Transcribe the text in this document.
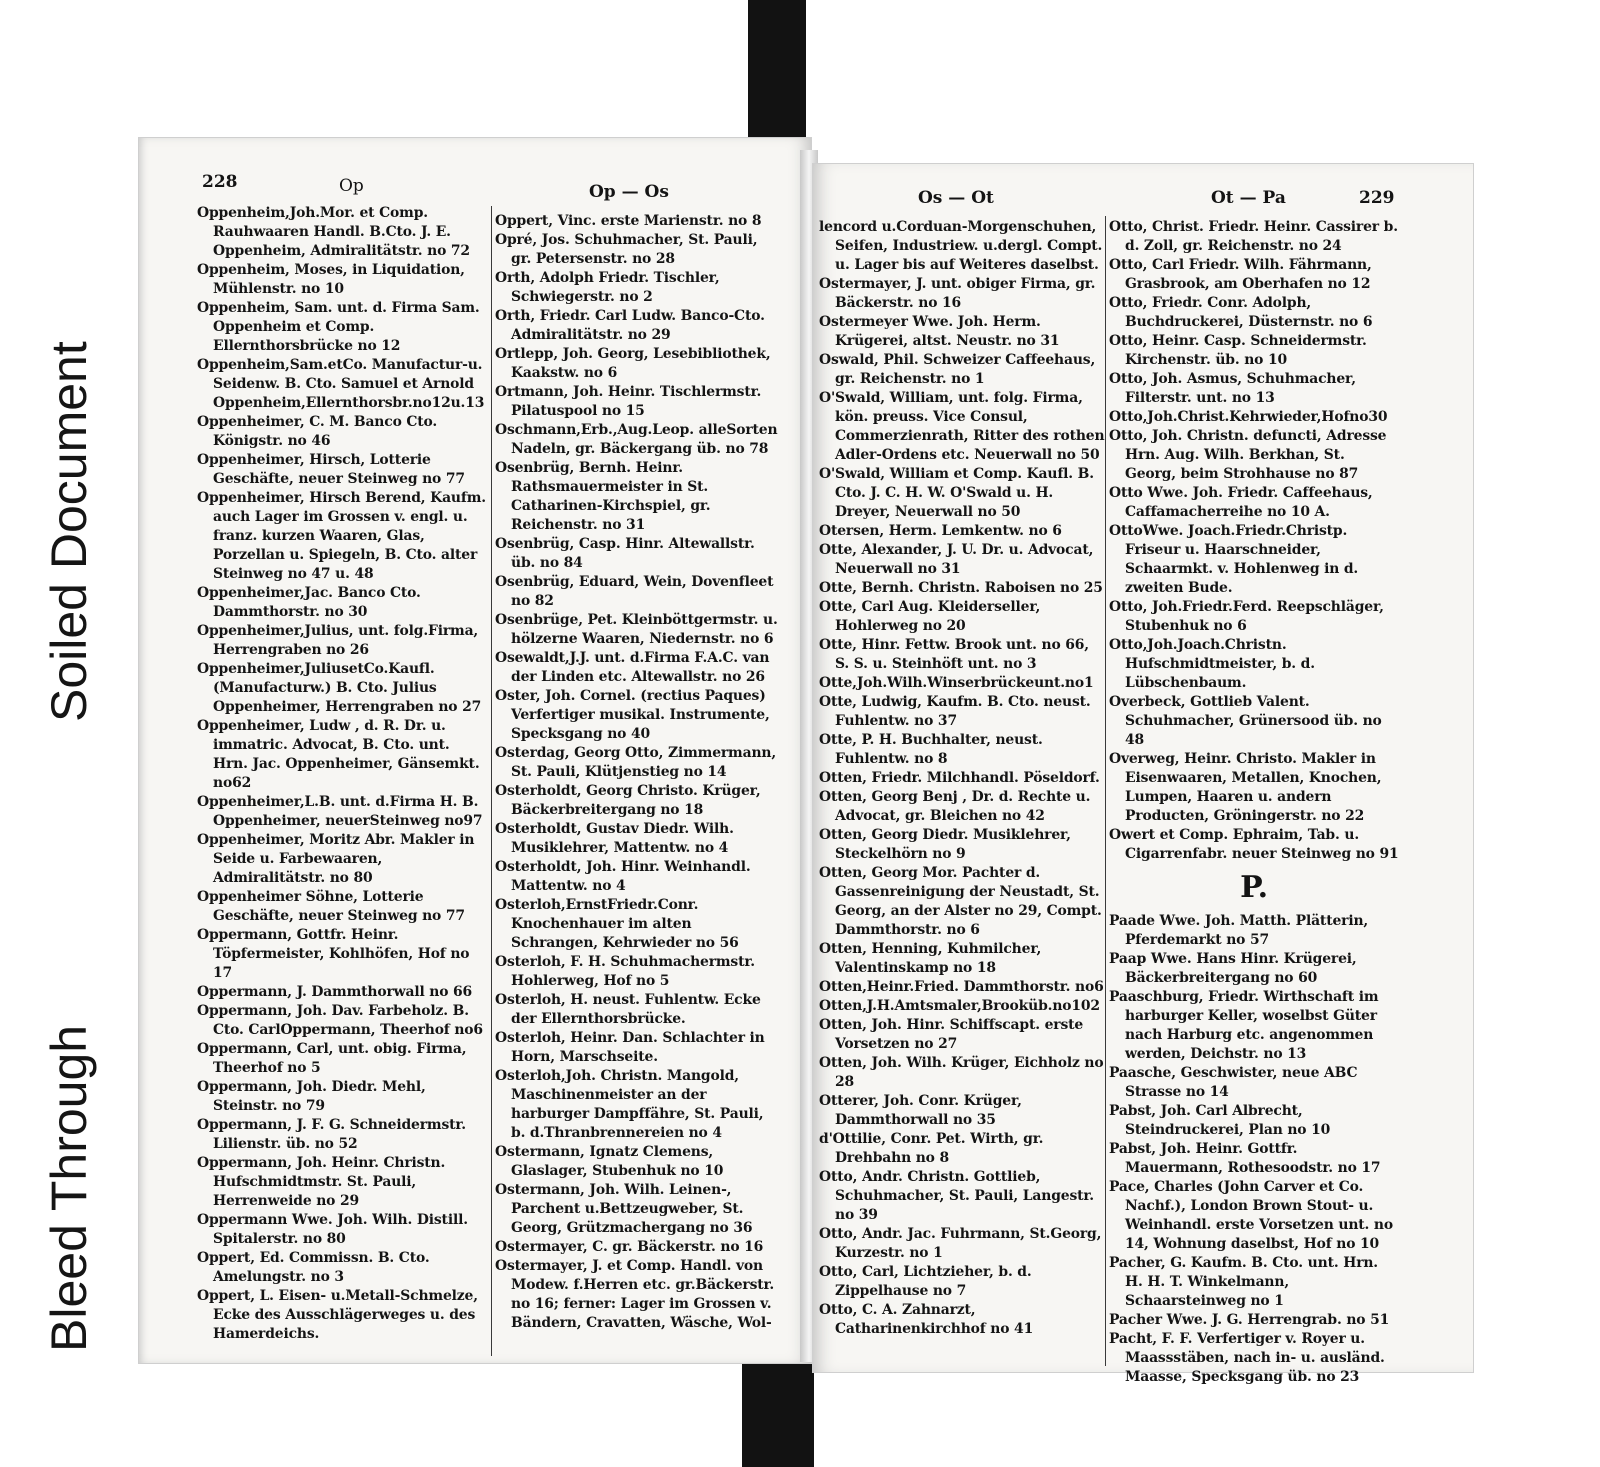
Soiled Document
Bleed Through
228	Op	Op — Os
Oppenheim,Joh.Mor. et Comp. Rauhwaaren Handl. B.Cto. J. E. Oppenheim, Admiralitätstr. no 72
Oppenheim, Moses, in Liquidation, Mühlenstr. no 10
Oppenheim, Sam. unt. d. Firma Sam. Oppenheim et Comp. Ellernthorsbrücke no 12
Oppenheim,Sam.etCo. Manufactur-u. Seidenw. B. Cto. Samuel et Arnold Oppenheim,Ellernthorsbr.no12u.13
Oppenheimer, C. M. Banco Cto. Königstr. no 46
Oppenheimer, Hirsch, Lotterie Geschäfte, neuer Steinweg no 77
Oppenheimer, Hirsch Berend, Kaufm. auch Lager im Grossen v. engl. u. franz. kurzen Waaren, Glas, Porzellan u. Spiegeln, B. Cto. alter Steinweg no 47 u. 48
Oppenheimer,Jac. Banco Cto. Dammthorstr. no 30
Oppenheimer,Julius, unt. folg.Firma, Herrengraben no 26
Oppenheimer,JuliusetCo.Kaufl. (Manufacturw.) B. Cto. Julius Oppenheimer, Herrengraben no 27
Oppenheimer, Ludw , d. R. Dr. u. immatric. Advocat, B. Cto. unt. Hrn. Jac. Oppenheimer, Gänsemkt. no62
Oppenheimer,L.B. unt. d.Firma H. B. Oppenheimer, neuerSteinweg no97
Oppenheimer, Moritz Abr. Makler in Seide u. Farbewaaren, Admiralitätstr. no 80
Oppenheimer Söhne, Lotterie Geschäfte, neuer Steinweg no 77
Oppermann, Gottfr. Heinr. Töpfermeister, Kohlhöfen, Hof no 17
Oppermann, J. Dammthorwall no 66
Oppermann, Joh. Dav. Farbeholz. B. Cto. CarlOppermann, Theerhof no6
Oppermann, Carl, unt. obig. Firma, Theerhof no 5
Oppermann, Joh. Diedr. Mehl, Steinstr. no 79
Oppermann, J. F. G. Schneidermstr. Lilienstr. üb. no 52
Oppermann, Joh. Heinr. Christn. Hufschmidtmstr. St. Pauli, Herrenweide no 29
Oppermann Wwe. Joh. Wilh. Distill. Spitalerstr. no 80
Oppert, Ed. Commissn. B. Cto. Amelungstr. no 3
Oppert, L. Eisen- u.Metall-Schmelze, Ecke des Ausschlägerweges u. des Hamerdeichs.
Oppert, Vinc. erste Marienstr. no 8
Opré, Jos. Schuhmacher, St. Pauli, gr. Petersenstr. no 28
Orth, Adolph Friedr. Tischler, Schwiegerstr. no 2
Orth, Friedr. Carl Ludw. Banco-Cto. Admiralitätstr. no 29
Ortlepp, Joh. Georg, Lesebibliothek, Kaakstw. no 6
Ortmann, Joh. Heinr. Tischlermstr. Pilatuspool no 15
Oschmann,Erb.,Aug.Leop. alleSorten Nadeln, gr. Bäckergang üb. no 78
Osenbrüg, Bernh. Heinr. Rathsmauermeister in St. Catharinen-Kirchspiel, gr. Reichenstr. no 31
Osenbrüg, Casp. Hinr. Altewallstr. üb. no 84
Osenbrüg, Eduard, Wein, Dovenfleet no 82
Osenbrüge, Pet. Kleinböttgermstr. u. hölzerne Waaren, Niedernstr. no 6
Osewaldt,J.J. unt. d.Firma F.A.C. van der Linden etc. Altewallstr. no 26
Oster, Joh. Cornel. (rectius Paques) Verfertiger musikal. Instrumente, Specksgang no 40
Osterdag, Georg Otto, Zimmermann, St. Pauli, Klütjenstieg no 14
Osterholdt, Georg Christo. Krüger, Bäckerbreitergang no 18
Osterholdt, Gustav Diedr. Wilh. Musiklehrer, Mattentw. no 4
Osterholdt, Joh. Hinr. Weinhandl. Mattentw. no 4
Osterloh,ErnstFriedr.Conr. Knochenhauer im alten Schrangen, Kehrwieder no 56
Osterloh, F. H. Schuhmachermstr. Hohlerweg, Hof no 5
Osterloh, H. neust. Fuhlentw. Ecke der Ellernthorsbrücke.
Osterloh, Heinr. Dan. Schlachter in Horn, Marschseite.
Osterloh,Joh. Christn. Mangold, Maschinenmeister an der harburger Dampffähre, St. Pauli, b. d.Thranbrennereien no 4
Ostermann, Ignatz Clemens, Glaslager, Stubenhuk no 10
Ostermann, Joh. Wilh. Leinen-, Parchent u.Bettzeugweber, St. Georg, Grützmachergang no 36
Ostermayer, C. gr. Bäckerstr. no 16
Ostermayer, J. et Comp. Handl. von Modew. f.Herren etc. gr.Bäckerstr. no 16; ferner: Lager im Grossen v. Bändern, Cravatten, Wäsche, Wol-
Os — Ot	Ot — Pa	229
lencord u.Corduan-Morgenschuhen, Seifen, Industriew. u.dergl. Compt. u. Lager bis auf Weiteres daselbst.
Ostermayer, J. unt. obiger Firma, gr. Bäckerstr. no 16
Ostermeyer Wwe. Joh. Herm. Krügerei, altst. Neustr. no 31
Oswald, Phil. Schweizer Caffeehaus, gr. Reichenstr. no 1
O'Swald, William, unt. folg. Firma, kön. preuss. Vice Consul, Commerzienrath, Ritter des rothen Adler-Ordens etc. Neuerwall no 50
O'Swald, William et Comp. Kaufl. B. Cto. J. C. H. W. O'Swald u. H. Dreyer, Neuerwall no 50
Otersen, Herm. Lemkentw. no 6
Otte, Alexander, J. U. Dr. u. Advocat, Neuerwall no 31
Otte, Bernh. Christn. Raboisen no 25
Otte, Carl Aug. Kleiderseller, Hohlerweg no 20
Otte, Hinr. Fettw. Brook unt. no 66, S. S. u. Steinhöft unt. no 3
Otte,Joh.Wilh.Winserbrückeunt.no1
Otte, Ludwig, Kaufm. B. Cto. neust. Fuhlentw. no 37
Otte, P. H. Buchhalter, neust. Fuhlentw. no 8
Otten, Friedr. Milchhandl. Pöseldorf.
Otten, Georg Benj , Dr. d. Rechte u. Advocat, gr. Bleichen no 42
Otten, Georg Diedr. Musiklehrer, Steckelhörn no 9
Otten, Georg Mor. Pachter d. Gassenreinigung der Neustadt, St. Georg, an der Alster no 29, Compt. Dammthorstr. no 6
Otten, Henning, Kuhmilcher, Valentinskamp no 18
Otten,Heinr.Fried. Dammthorstr. no6
Otten,J.H.Amtsmaler,Brooküb.no102
Otten, Joh. Hinr. Schiffscapt. erste Vorsetzen no 27
Otten, Joh. Wilh. Krüger, Eichholz no 28
Otterer, Joh. Conr. Krüger, Dammthorwall no 35
d'Ottilie, Conr. Pet. Wirth, gr. Drehbahn no 8
Otto, Andr. Christn. Gottlieb, Schuhmacher, St. Pauli, Langestr. no 39
Otto, Andr. Jac. Fuhrmann, St.Georg, Kurzestr. no 1
Otto, Carl, Lichtzieher, b. d. Zippelhause no 7
Otto, C. A. Zahnarzt, Catharinenkirchhof no 41
Otto, Christ. Friedr. Heinr. Cassirer b. d. Zoll, gr. Reichenstr. no 24
Otto, Carl Friedr. Wilh. Fährmann, Grasbrook, am Oberhafen no 12
Otto, Friedr. Conr. Adolph, Buchdruckerei, Düsternstr. no 6
Otto, Heinr. Casp. Schneidermstr. Kirchenstr. üb. no 10
Otto, Joh. Asmus, Schuhmacher, Filterstr. unt. no 13
Otto,Joh.Christ.Kehrwieder,Hofno30
Otto, Joh. Christn. defuncti, Adresse Hrn. Aug. Wilh. Berkhan, St. Georg, beim Strohhause no 87
Otto Wwe. Joh. Friedr. Caffeehaus, Caffamacherreihe no 10 A.
OttoWwe. Joach.Friedr.Christp. Friseur u. Haarschneider, Schaarmkt. v. Hohlenweg in d. zweiten Bude.
Otto, Joh.Friedr.Ferd. Reepschläger, Stubenhuk no 6
Otto,Joh.Joach.Christn. Hufschmidtmeister, b. d. Lübschenbaum.
Overbeck, Gottlieb Valent. Schuhmacher, Grünersood üb. no 48
Overweg, Heinr. Christo. Makler in Eisenwaaren, Metallen, Knochen, Lumpen, Haaren u. andern Producten, Gröningerstr. no 22
Owert et Comp. Ephraim, Tab. u. Cigarrenfabr. neuer Steinweg no 91
P.
Paade Wwe. Joh. Matth. Plätterin, Pferdemarkt no 57
Paap Wwe. Hans Hinr. Krügerei, Bäckerbreitergang no 60
Paaschburg, Friedr. Wirthschaft im harburger Keller, woselbst Güter nach Harburg etc. angenommen werden, Deichstr. no 13
Paasche, Geschwister, neue ABC Strasse no 14
Pabst, Joh. Carl Albrecht, Steindruckerei, Plan no 10
Pabst, Joh. Heinr. Gottfr. Mauermann, Rothesoodstr. no 17
Pace, Charles (John Carver et Co. Nachf.), London Brown Stout- u. Weinhandl. erste Vorsetzen unt. no 14, Wohnung daselbst, Hof no 10
Pacher, G. Kaufm. B. Cto. unt. Hrn. H. H. T. Winkelmann, Schaarsteinweg no 1
Pacher Wwe. J. G. Herrengrab. no 51
Pacht, F. F. Verfertiger v. Royer u. Maassstäben, nach in- u. ausländ. Maasse, Specksgang üb. no 23
